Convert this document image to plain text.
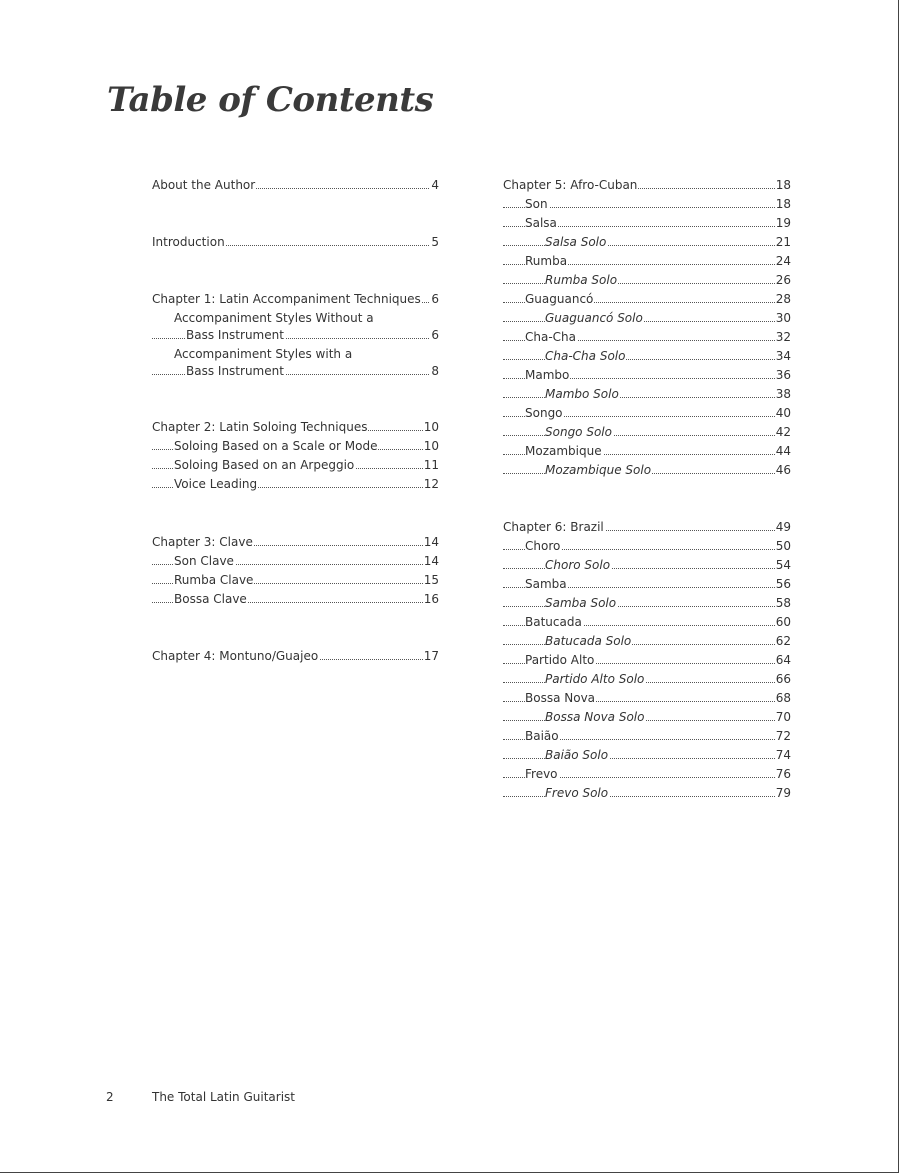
Table of Contents
About the Author	4
Introduction	5
Chapter 1: Latin Accompaniment Techniques 6
Accompaniment Styles Without a
Bass Instrument	6
Accompaniment Styles with a
Bass Instrument	8
Chapter 2: Latin Soloing Techniques	10
Soloing Based on a Scale or Mode	10
Soloing Based on an Arpeggio	11
Voice Leading	12
Chapter 3: Clave	14
Son Clave	14
Rumba Clave	15
Bossa Clave	16
Chapter 4: Montuno/Guajeo	17
Chapter 5: Afro-Cuban	18
Son	18
Salsa	19
Salsa Solo	21
Rumba	24
Rumba Solo	26
Guaguancó	28
Guaguancó Solo	30
Cha-Cha	32
Cha-Cha Solo	34
Mambo	36
Mambo Solo	38
Songo	40
Songo Solo	42
Mozambique	44
Mozambique Solo	46
Chapter 6: Brazil	49
Choro	50
Choro Solo	54
Samba	56
Samba Solo	58
Batucada	60
Batucada Solo	62
Partido Alto	64
Partido Alto Solo	66
Bossa Nova	68
Bossa Nova Solo	70
Baião	72
Baião Solo	74
Frevo	76
Frevo Solo	79
2	The Total Latin Guitarist
